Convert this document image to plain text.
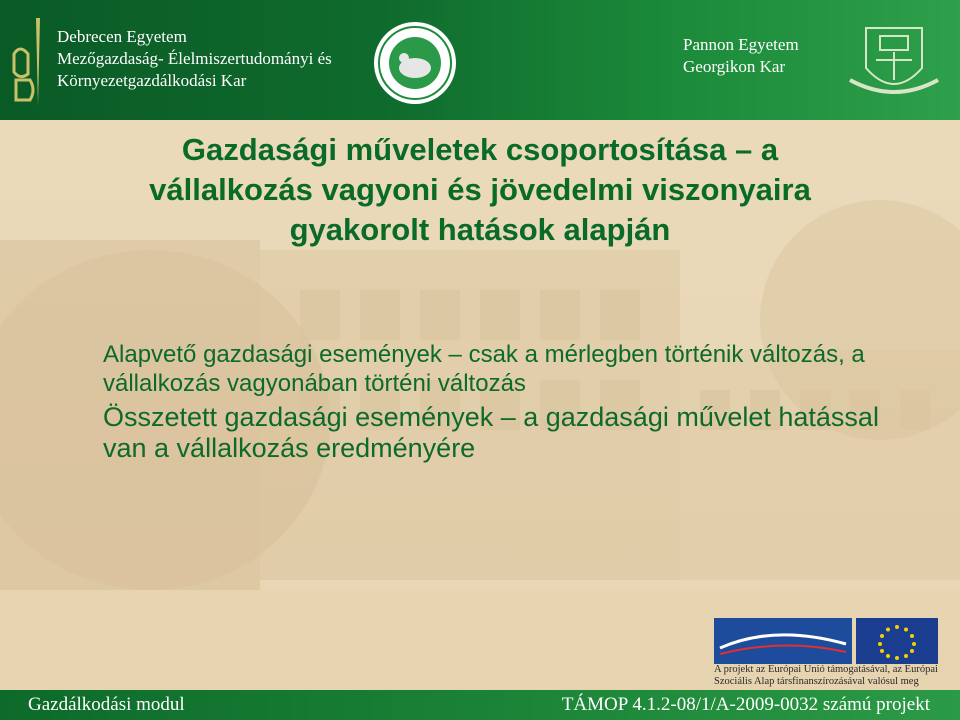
Debrecen Egyetem
Mezőgazdaság- Élelmiszertudományi és
Környezetgazdálkodási Kar
Pannon Egyetem
Georgikon Kar
Gazdasági műveletek csoportosítása – a
vállalkozás vagyoni és jövedelmi viszonyaira
gyakorolt hatások alapján

Alapvető gazdasági események – csak a mérlegben történik változás, a vállalkozás vagyonában történi változás

Összetett gazdasági események – a gazdasági művelet hatással van a vállalkozás eredményére

A projekt az Európai Unió támogatásával, az Európai Szociális Alap társfinanszírozásával valósul meg
Gazdálkodási modul	TÁMOP 4.1.2-08/1/A-2009-0032 számú projekt
